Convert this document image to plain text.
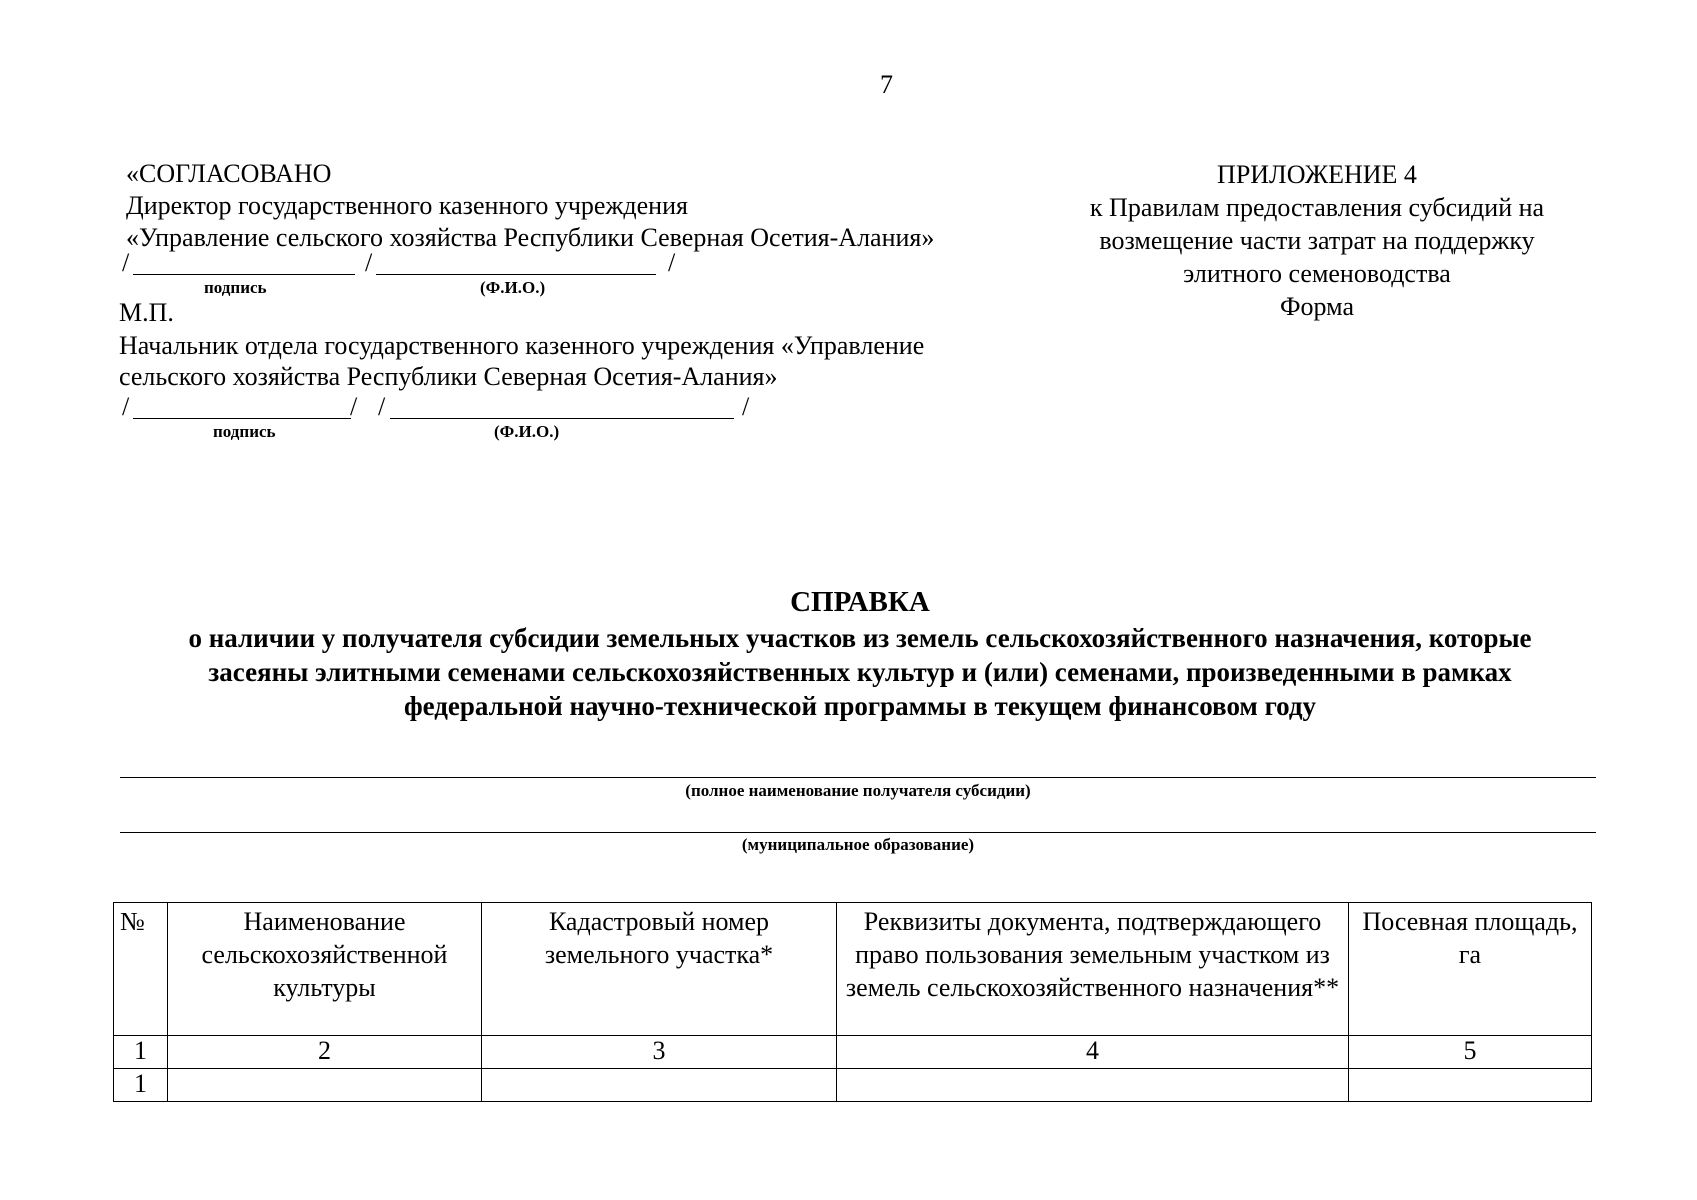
7
«СОГЛАСОВАНО
Директор государственного казенного учреждения
«Управление сельского хозяйства Республики Северная Осетия-Алания»
/	/	/
подпись	(Ф.И.О.)
М.П.
Начальник отдела государственного казенного учреждения «Управление
сельского хозяйства Республики Северная Осетия-Алания»
/	/ /	/
подпись	(Ф.И.О.)
ПРИЛОЖЕНИЕ 4
к Правилам предоставления субсидий на
возмещение части затрат на поддержку
элитного семеноводства
Форма
СПРАВКА
о наличии у получателя субсидии земельных участков из земель сельскохозяйственного назначения, которые
засеяны элитными семенами сельскохозяйственных культур и (или) семенами, произведенными в рамках
федеральной научно-технической программы в текущем финансовом году
(полное наименование получателя субсидии)
(муниципальное образование)
№	Наименование сельскохозяйственной культуры	Кадастровый номер земельного участка*	Реквизиты документа, подтверждающего право пользования земельным участком из земель сельскохозяйственного назначения**	Посевная площадь, га
1	2	3	4	5
1				
